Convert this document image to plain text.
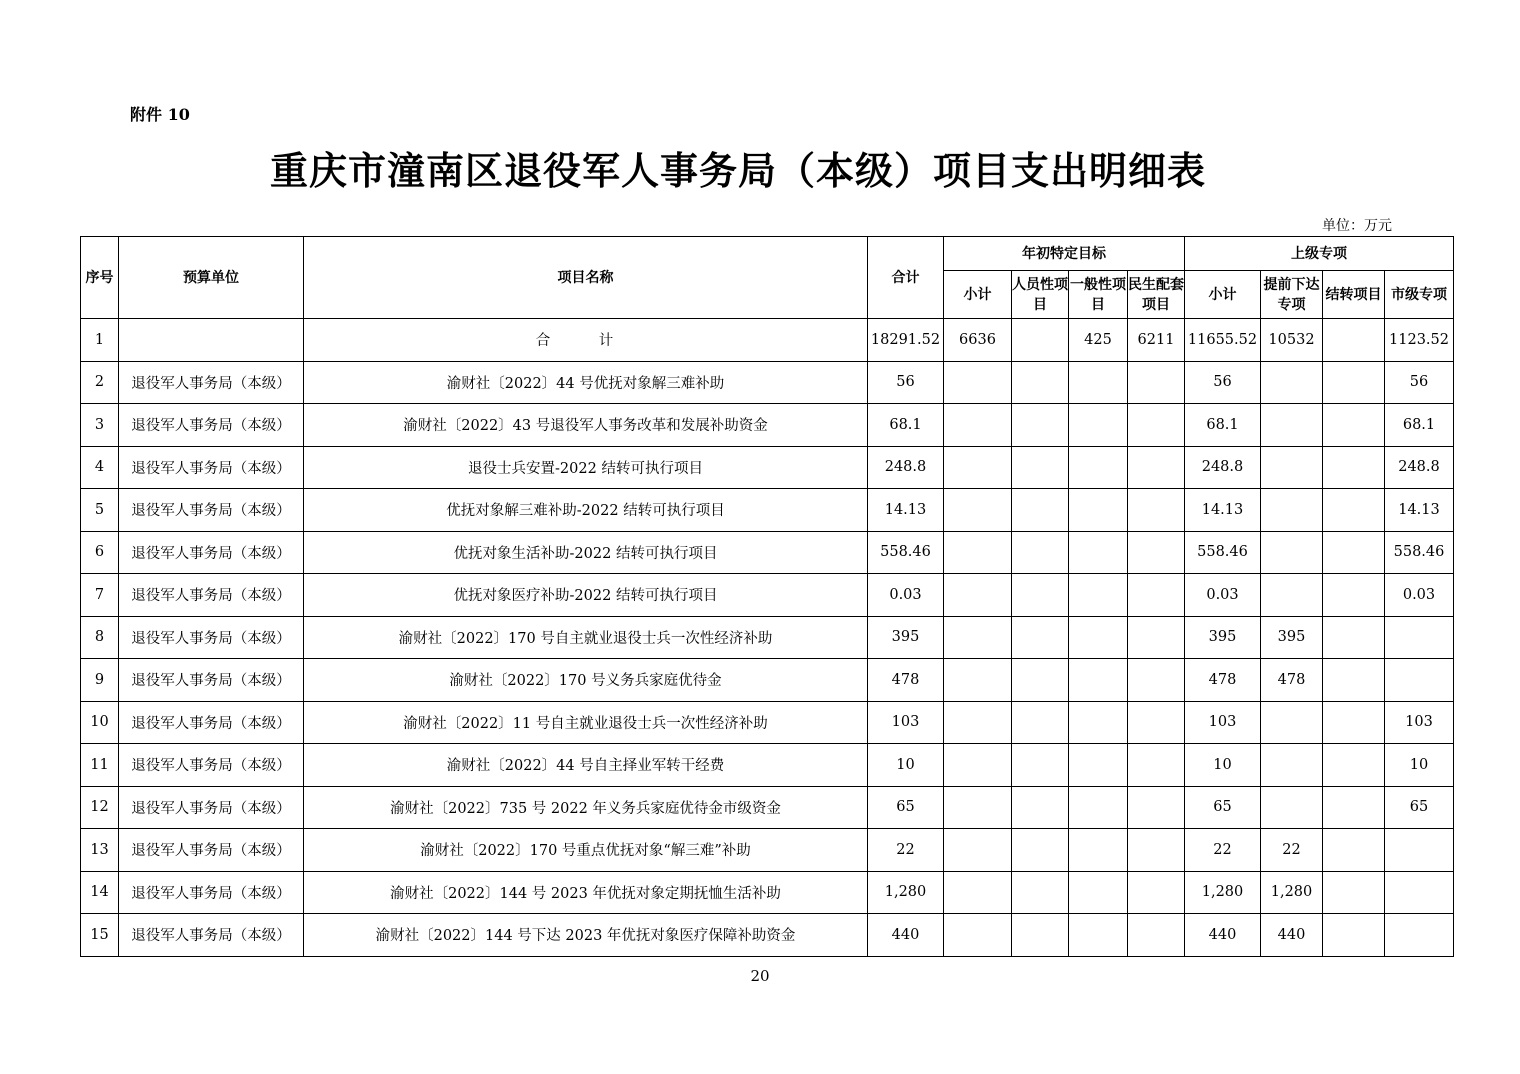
附件 10
重庆市潼南区退役军人事务局（本级）项目支出明细表
单位：万元
序号	预算单位	项目名称	合计	年初特定目标				上级专项			
				小计	人员性项目	一般性项目	民生配套项目	小计	提前下达专项	结转项目	市级专项
1		合 计	18291.52	6636		425	6211	11655.52	10532		1123.52
2	退役军人事务局（本级）	渝财社〔2022〕44 号优抚对象解三难补助	56					56			56
3	退役军人事务局（本级）	渝财社〔2022〕43 号退役军人事务改革和发展补助资金	68.1					68.1			68.1
4	退役军人事务局（本级）	退役士兵安置-2022 结转可执行项目	248.8					248.8			248.8
5	退役军人事务局（本级）	优抚对象解三难补助-2022 结转可执行项目	14.13					14.13			14.13
6	退役军人事务局（本级）	优抚对象生活补助-2022 结转可执行项目	558.46					558.46			558.46
7	退役军人事务局（本级）	优抚对象医疗补助-2022 结转可执行项目	0.03					0.03			0.03
8	退役军人事务局（本级）	渝财社〔2022〕170 号自主就业退役士兵一次性经济补助	395					395	395		
9	退役军人事务局（本级）	渝财社〔2022〕170 号义务兵家庭优待金	478					478	478		
10	退役军人事务局（本级）	渝财社〔2022〕11 号自主就业退役士兵一次性经济补助	103					103			103
11	退役军人事务局（本级）	渝财社〔2022〕44 号自主择业军转干经费	10					10			10
12	退役军人事务局（本级）	渝财社〔2022〕735 号 2022 年义务兵家庭优待金市级资金	65					65			65
13	退役军人事务局（本级）	渝财社〔2022〕170 号重点优抚对象“解三难”补助	22					22	22		
14	退役军人事务局（本级）	渝财社〔2022〕144 号 2023 年优抚对象定期抚恤生活补助	1,280					1,280	1,280		
15	退役军人事务局（本级）	渝财社〔2022〕144 号下达 2023 年优抚对象医疗保障补助资金	440					440	440		
20
